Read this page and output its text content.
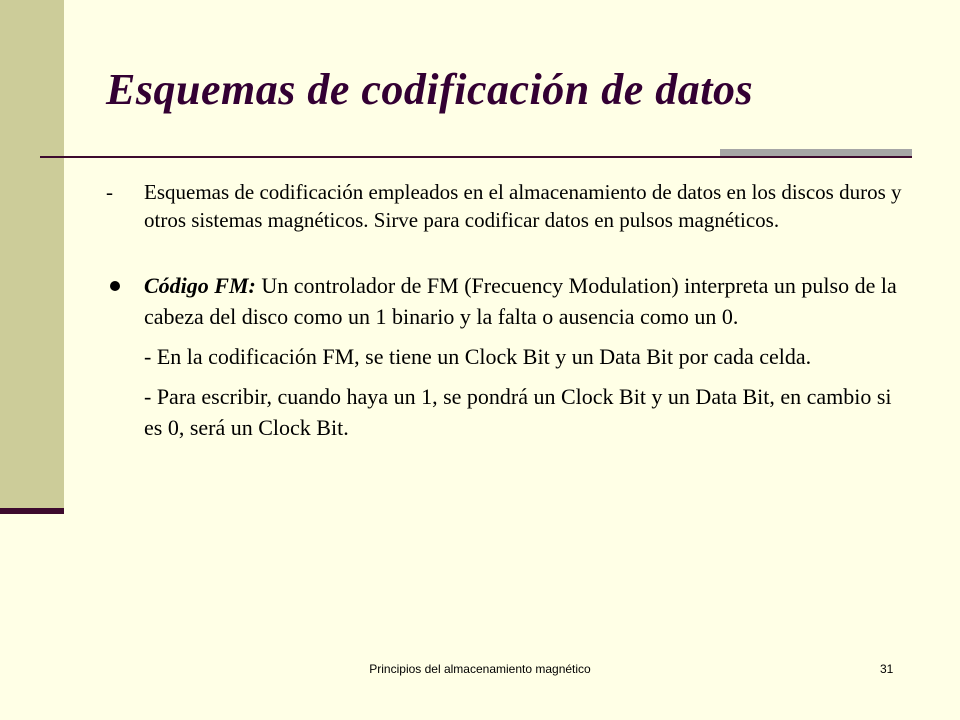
Esquemas de codificación de datos

- Esquemas de codificación empleados en el almacenamiento de datos en los discos duros y otros sistemas magnéticos. Sirve para codificar datos en pulsos magnéticos.

Código FM: Un controlador de FM (Frecuency Modulation) interpreta un pulso de la cabeza del disco como un 1 binario y la falta o ausencia como un 0.
- En la codificación FM, se tiene un Clock Bit y un Data Bit por cada celda.
- Para escribir, cuando haya un 1, se pondrá un Clock Bit y un Data Bit, en cambio si es 0, será un Clock Bit.
Principios del almacenamiento magnético	31
